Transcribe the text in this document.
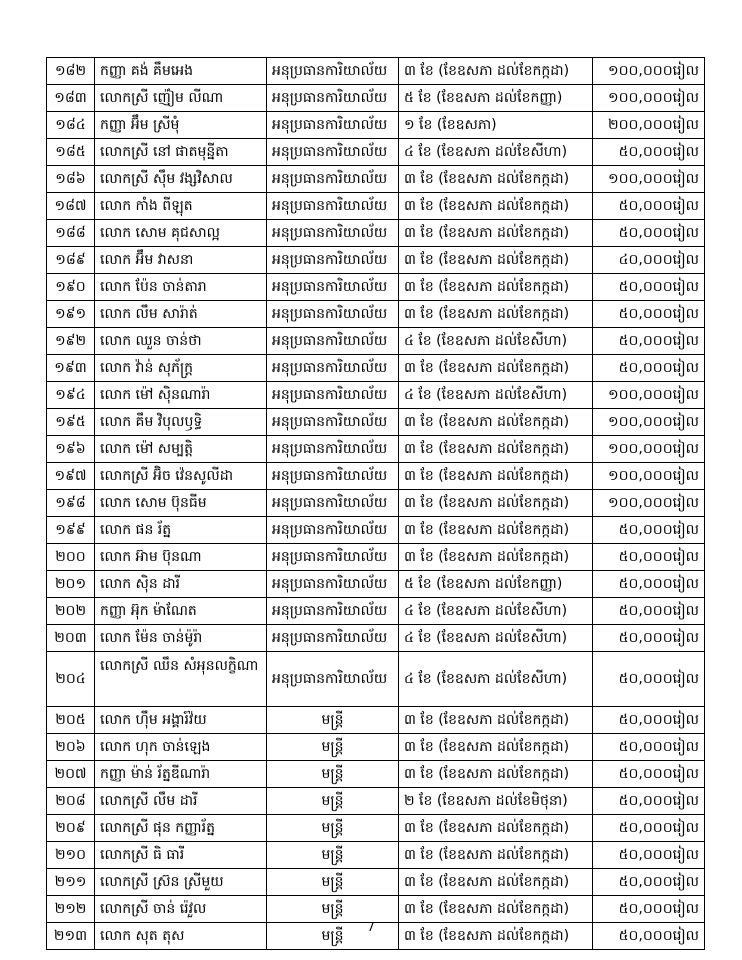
១៨២	កញ្ញា គង់ គឹមអេង	អនុប្រធានការិយាល័យ	៣ ខែ (ខែឧសភា ដល់ខែកក្កដា)	១០០,០០០រៀល
១៨៣	លោកស្រី ញ៉ៀម លីណា	អនុប្រធានការិយាល័យ	៥ ខែ (ខែឧសភា ដល់ខែកញ្ញា)	១០០,០០០រៀល
១៨៤	កញ្ញា អ៊ឹម ស្រីមុំ	អនុប្រធានការិយាល័យ	១ ខែ (ខែឧសភា)	២០០,០០០រៀល
១៨៥	លោកស្រី នៅ ផាតមុន្នីតា	អនុប្រធានការិយាល័យ	៤ ខែ (ខែឧសភា ដល់ខែសីហា)	៥០,០០០រៀល
១៨៦	លោកស្រី ស៊ឹម វង្សវិសាល	អនុប្រធានការិយាល័យ	៣ ខែ (ខែឧសភា ដល់ខែកក្កដា)	១០០,០០០រៀល
១៨៧	លោក កាំង ពីឡុត	អនុប្រធានការិយាល័យ	៣ ខែ (ខែឧសភា ដល់ខែកក្កដា)	៥០,០០០រៀល
១៨៨	លោក សោម គុជសាល្អ	អនុប្រធានការិយាល័យ	៣ ខែ (ខែឧសភា ដល់ខែកក្កដា)	៥០,០០០រៀល
១៨៩	លោក អ៊ឹម វាសនា	អនុប្រធានការិយាល័យ	៣ ខែ (ខែឧសភា ដល់ខែកក្កដា)	៤០,០០០រៀល
១៩០	លោក ប៉ែន ចាន់តារា	អនុប្រធានការិយាល័យ	៣ ខែ (ខែឧសភា ដល់ខែកក្កដា)	៥០,០០០រៀល
១៩១	លោក លឹម សារ៉ាត់	អនុប្រធានការិយាល័យ	៣ ខែ (ខែឧសភា ដល់ខែកក្កដា)	៥០,០០០រៀល
១៩២	លោក ឈួន ចាន់ថា	អនុប្រធានការិយាល័យ	៤ ខែ (ខែឧសភា ដល់ខែសីហា)	៥០,០០០រៀល
១៩៣	លោក វ៉ាន់ សុភ័ក្រ្ត	អនុប្រធានការិយាល័យ	៣ ខែ (ខែឧសភា ដល់ខែកក្កដា)	៥០,០០០រៀល
១៩៤	លោក ម៉ៅ ស៊ិនណារ៉ា	អនុប្រធានការិយាល័យ	៤ ខែ (ខែឧសភា ដល់ខែសីហា)	១០០,០០០រៀល
១៩៥	លោក គឹម វិបុលឫទ្ធិ	អនុប្រធានការិយាល័យ	៣ ខែ (ខែឧសភា ដល់ខែកក្កដា)	១០០,០០០រៀល
១៩៦	លោក ម៉ៅ សម្បត្តិ	អនុប្រធានការិយាល័យ	៣ ខែ (ខែឧសភា ដល់ខែកក្កដា)	១០០,០០០រៀល
១៩៧	លោកស្រី អ៊ិច វ៉េនសូលីដា	អនុប្រធានការិយាល័យ	៣ ខែ (ខែឧសភា ដល់ខែកក្កដា)	១០០,០០០រៀល
១៩៨	លោក សោម ប៊ុនធីម	អនុប្រធានការិយាល័យ	៣ ខែ (ខែឧសភា ដល់ខែកក្កដា)	១០០,០០០រៀល
១៩៩	លោក ផន រ័ត្ន	អនុប្រធានការិយាល័យ	៣ ខែ (ខែឧសភា ដល់ខែកក្កដា)	៥០,០០០រៀល
២០០	លោក អ៊ាម ប៊ុនណា	អនុប្រធានការិយាល័យ	៣ ខែ (ខែឧសភា ដល់ខែកក្កដា)	៥០,០០០រៀល
២០១	លោក ស៊ិន ដារី	អនុប្រធានការិយាល័យ	៥ ខែ (ខែឧសភា ដល់ខែកញ្ញា)	៥០,០០០រៀល
២០២	កញ្ញា អ៊ុក ម៉ាណែត	អនុប្រធានការិយាល័យ	៤ ខែ (ខែឧសភា ដល់ខែសីហា)	៥០,០០០រៀល
២០៣	លោក ម៉ែន ចាន់ម៉ូរ៉ា	អនុប្រធានការិយាល័យ	៤ ខែ (ខែឧសភា ដល់ខែសីហា)	៥០,០០០រៀល
២០៤	លោកស្រី ឈឹន សំអុនលក្ខិណា	អនុប្រធានការិយាល័យ	៤ ខែ (ខែឧសភា ដល់ខែសីហា)	៥០,០០០រៀល
២០៥	លោក ហ៊ឹម អង្គារ៍វ៉យ	មន្ត្រី	៣ ខែ (ខែឧសភា ដល់ខែកក្កដា)	៥០,០០០រៀល
២០៦	លោក ហុក ចាន់ឡេង	មន្ត្រី	៣ ខែ (ខែឧសភា ដល់ខែកក្កដា)	៥០,០០០រៀល
២០៧	កញ្ញា ម៉ាន់ រ័ត្នឌីណារ៉ា	មន្ត្រី	៣ ខែ (ខែឧសភា ដល់ខែកក្កដា)	៥០,០០០រៀល
២០៨	លោកស្រី លឹម ដារី	មន្ត្រី	២ ខែ (ខែឧសភា ដល់ខែមិថុនា)	៥០,០០០រៀល
២០៩	លោកស្រី ផុន កញ្ញារ័ត្ន	មន្ត្រី	៣ ខែ (ខែឧសភា ដល់ខែកក្កដា)	៥០,០០០រៀល
២១០	លោកស្រី ធិ ធារី	មន្ត្រី	៣ ខែ (ខែឧសភា ដល់ខែកក្កដា)	៥០,០០០រៀល
២១១	លោកស្រី ស្រ៊ន ស្រីមួយ	មន្ត្រី	៣ ខែ (ខែឧសភា ដល់ខែកក្កដា)	៥០,០០០រៀល
២១២	លោកស្រី ចាន់ រ៉េវួល	មន្ត្រី	៣ ខែ (ខែឧសភា ដល់ខែកក្កដា)	៥០,០០០រៀល
២១៣	លោក សុត តុស	មន្ត្រី	៣ ខែ (ខែឧសភា ដល់ខែកក្កដា)	៥០,០០០រៀល
7
